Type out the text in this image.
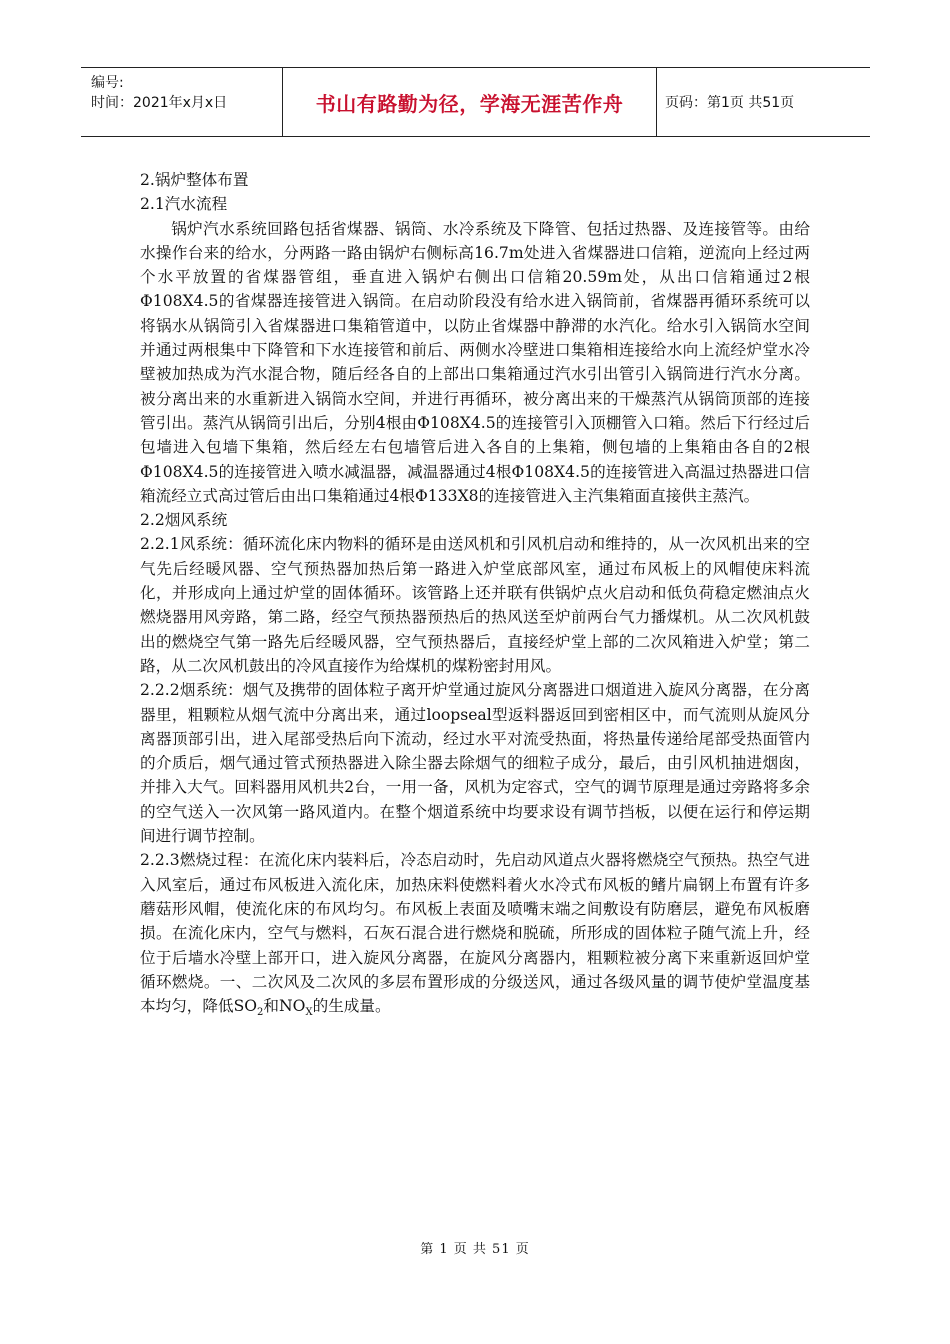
编号:
时间：2021年x月x日	书山有路勤为径，学海无涯苦作舟	页码：第1页 共51页

2.锅炉整体布置

2.1汽水流程

锅炉汽水系统回路包括省煤器、锅筒、水冷系统及下降管、包括过热器、及连接管等。由给水操作台来的给水，分两路一路由锅炉右侧标高16.7m处进入省煤器进口信箱，逆流向上经过两个水平放置的省煤器管组，垂直进入锅炉右侧出口信箱20.59m处，从出口信箱通过2根Φ108X4.5的省煤器连接管进入锅筒。在启动阶段没有给水进入锅筒前，省煤器再循环系统可以将锅水从锅筒引入省煤器进口集箱管道中，以防止省煤器中静滞的水汽化。给水引入锅筒水空间并通过两根集中下降管和下水连接管和前后、两侧水冷壁进口集箱相连接给水向上流经炉堂水冷壁被加热成为汽水混合物，随后经各自的上部出口集箱通过汽水引出管引入锅筒进行汽水分离。被分离出来的水重新进入锅筒水空间，并进行再循环，被分离出来的干燥蒸汽从锅筒顶部的连接管引出。蒸汽从锅筒引出后，分别4根由Φ108X4.5的连接管引入顶棚管入口箱。然后下行经过后包墙进入包墙下集箱，然后经左右包墙管后进入各自的上集箱，侧包墙的上集箱由各自的2根Φ108X4.5的连接管进入喷水减温器，减温器通过4根Φ108X4.5的连接管进入高温过热器进口信箱流经立式高过管后由出口集箱通过4根Φ133X8的连接管进入主汽集箱面直接供主蒸汽。

2.2烟风系统

2.2.1风系统：循环流化床内物料的循环是由送风机和引风机启动和维持的，从一次风机出来的空气先后经暖风器、空气预热器加热后第一路进入炉堂底部风室，通过布风板上的风帽使床料流化，并形成向上通过炉堂的固体循环。该管路上还并联有供锅炉点火启动和低负荷稳定燃油点火燃烧器用风旁路，第二路，经空气预热器预热后的热风送至炉前两台气力播煤机。从二次风机鼓出的燃烧空气第一路先后经暖风器，空气预热器后，直接经炉堂上部的二次风箱进入炉堂；第二路，从二次风机鼓出的冷风直接作为给煤机的煤粉密封用风。

2.2.2烟系统：烟气及携带的固体粒子离开炉堂通过旋风分离器进口烟道进入旋风分离器，在分离器里，粗颗粒从烟气流中分离出来，通过loopseal型返料器返回到密相区中，而气流则从旋风分离器顶部引出，进入尾部受热后向下流动，经过水平对流受热面，将热量传递给尾部受热面管内的介质后，烟气通过管式预热器进入除尘器去除烟气的细粒子成分，最后，由引风机抽进烟囱，并排入大气。回料器用风机共2台，一用一备，风机为定容式，空气的调节原理是通过旁路将多余的空气送入一次风第一路风道内。在整个烟道系统中均要求设有调节挡板，以便在运行和停运期间进行调节控制。

2.2.3燃烧过程：在流化床内装料后，冷态启动时，先启动风道点火器将燃烧空气预热。热空气进入风室后，通过布风板进入流化床，加热床料使燃料着火水冷式布风板的鳍片扁钢上布置有许多蘑菇形风帽，使流化床的布风均匀。布风板上表面及喷嘴末端之间敷设有防磨层，避免布风板磨损。在流化床内，空气与燃料，石灰石混合进行燃烧和脱硫，所形成的固体粒子随气流上升，经位于后墙水冷壁上部开口，进入旋风分离器，在旋风分离器内，粗颗粒被分离下来重新返回炉堂循环燃烧。一、二次风及二次风的多层布置形成的分级送风，通过各级风量的调节使炉堂温度基本均匀，降低$SO_2$和$NO_X$的生成量。

第 1 页 共 51 页
